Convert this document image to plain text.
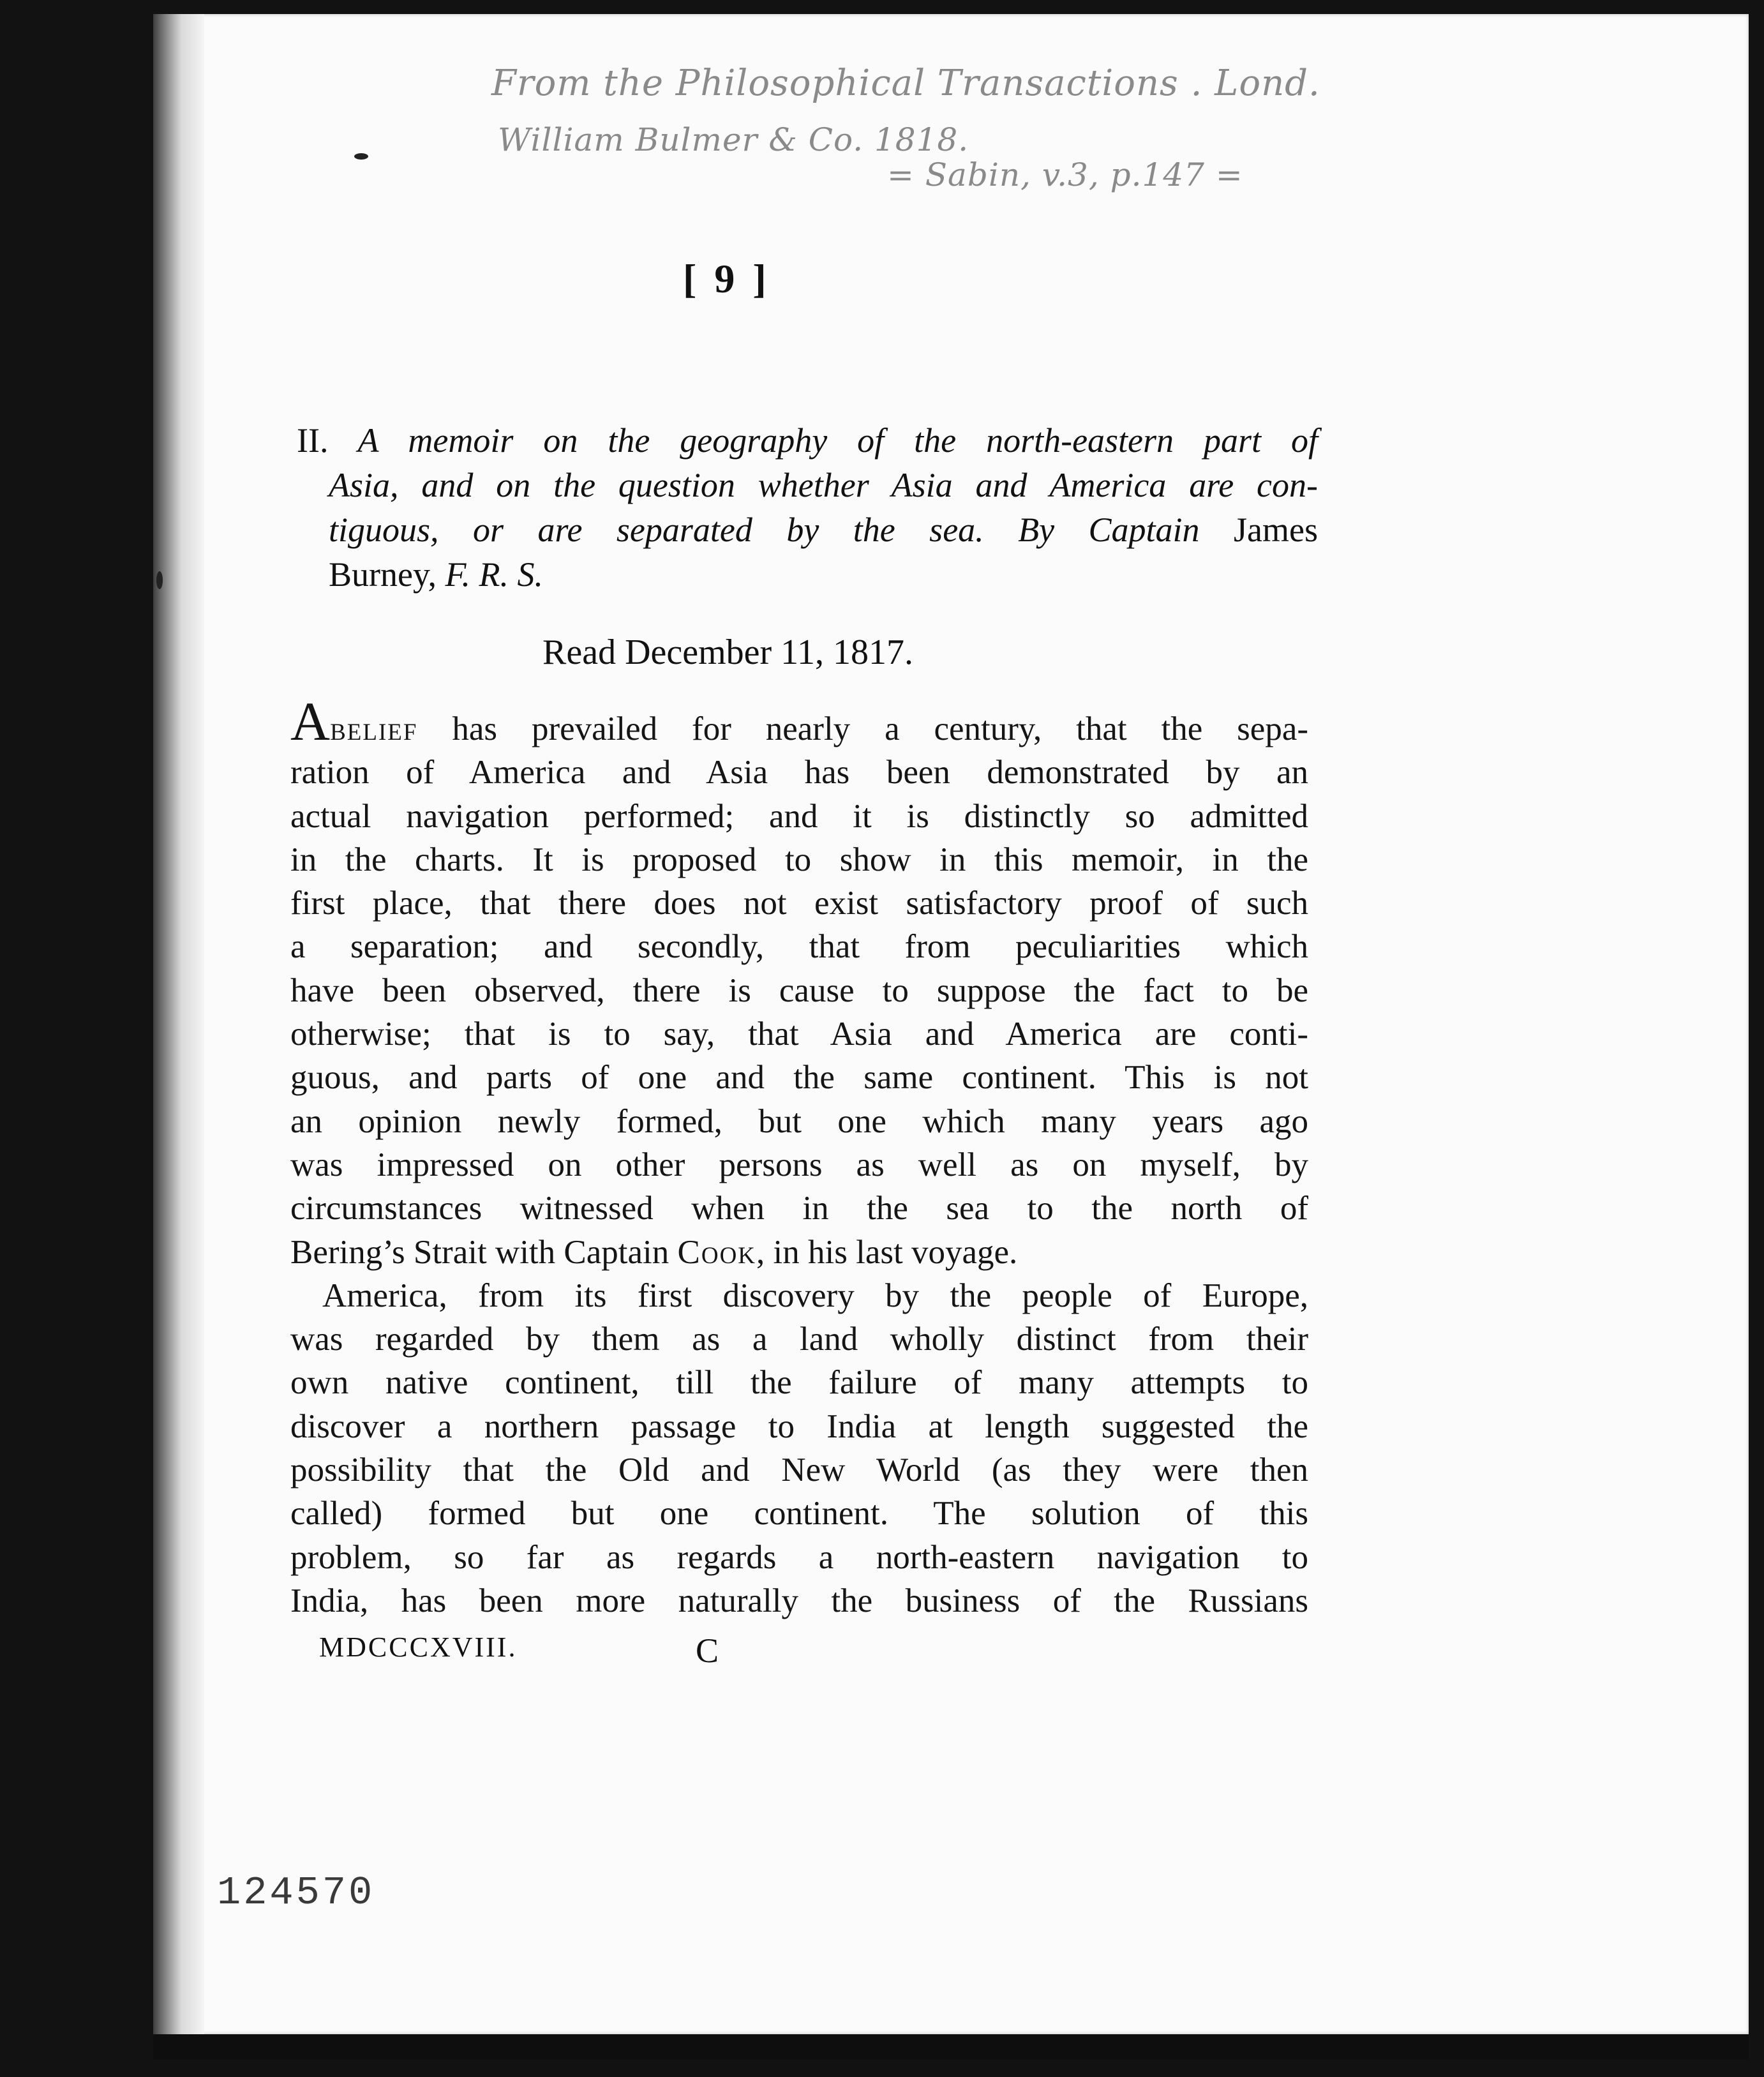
From the Philosophical Transactions . Lond.
William Bulmer & Co. 1818.
= Sabin, v.3, p.147 =
[ 9 ]
II. A memoir on the geography of the north-eastern part of
Asia, and on the question whether Asia and America are con-
tiguous, or are separated by the sea. By Captain James
Burney, F. R. S.
Read December 11, 1817.
Abelief has prevailed for nearly a century, that the sepa-
ration of America and Asia has been demonstrated by an
actual navigation performed; and it is distinctly so admitted
in the charts. It is proposed to show in this memoir, in the
first place, that there does not exist satisfactory proof of such
a separation; and secondly, that from peculiarities which
have been observed, there is cause to suppose the fact to be
otherwise; that is to say, that Asia and America are conti-
guous, and parts of one and the same continent. This is not
an opinion newly formed, but one which many years ago
was impressed on other persons as well as on myself, by
circumstances witnessed when in the sea to the north of
Bering’s Strait with Captain Cook, in his last voyage.
America, from its first discovery by the people of Europe,
was regarded by them as a land wholly distinct from their
own native continent, till the failure of many attempts to
discover a northern passage to India at length suggested the
possibility that the Old and New World (as they were then
called) formed but one continent. The solution of this
problem, so far as regards a north-eastern navigation to
India, has been more naturally the business of the Russians
MDCCCXVIII.	C
124570
